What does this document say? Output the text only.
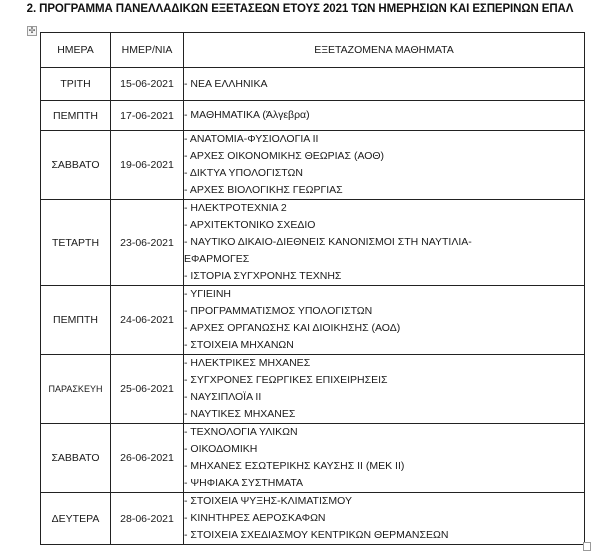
2. ΠΡΟΓΡΑΜΜΑ ΠΑΝΕΛΛΑΔΙΚΩΝ ΕΞΕΤΑΣΕΩΝ ΕΤΟΥΣ 2021 ΤΩΝ ΗΜΕΡΗΣΙΩΝ ΚΑΙ ΕΣΠΕΡΙΝΩΝ ΕΠΑΛ
✣
ΗΜΕΡΑ	ΗΜΕΡ/ΝΙΑ	ΕΞΕΤΑΖΟΜΕΝΑ ΜΑΘΗΜΑΤΑ
ΤΡΙΤΗ	15-06-2021	- ΝΕΑ ΕΛΛΗΝΙΚΑ

ΠΕΜΠΤΗ	17-06-2021	- ΜΑΘΗΜΑΤΙΚΑ (Άλγεβρα)

ΣΑΒΒΑΤΟ	19-06-2021	- ΑΝΑΤΟΜΙΑ-ΦΥΣΙΟΛΟΓΙΑ ΙΙ
- ΑΡΧΕΣ ΟΙΚΟΝΟΜΙΚΗΣ ΘΕΩΡΙΑΣ (ΑΟΘ)
- ΔΙΚΤΥΑ ΥΠΟΛΟΓΙΣΤΩΝ
- ΑΡΧΕΣ ΒΙΟΛΟΓΙΚΗΣ ΓΕΩΡΓΙΑΣ

ΤΕΤΑΡΤΗ	23-06-2021	- ΗΛΕΚΤΡΟΤΕΧΝΙΑ 2
- ΑΡΧΙΤΕΚΤΟΝΙΚΟ ΣΧΕΔΙΟ
- ΝΑΥΤΙΚΟ ΔΙΚΑΙΟ-ΔΙΕΘΝΕΙΣ ΚΑΝΟΝΙΣΜΟΙ ΣΤΗ ΝΑΥΤΙΛΙΑ-
ΕΦΑΡΜΟΓΕΣ
- ΙΣΤΟΡΙΑ ΣΥΓΧΡΟΝΗΣ ΤΕΧΝΗΣ

ΠΕΜΠΤΗ	24-06-2021	- ΥΓΙΕΙΝΗ
- ΠΡΟΓΡΑΜΜΑΤΙΣΜΟΣ ΥΠΟΛΟΓΙΣΤΩΝ
- ΑΡΧΕΣ ΟΡΓΑΝΩΣΗΣ ΚΑΙ ΔΙΟΙΚΗΣΗΣ (ΑΟΔ)
- ΣΤΟΙΧΕΙΑ ΜΗΧΑΝΩΝ

ΠΑΡΑΣΚΕΥΗ	25-06-2021	- ΗΛΕΚΤΡΙΚΕΣ ΜΗΧΑΝΕΣ
- ΣΥΓΧΡΟΝΕΣ ΓΕΩΡΓΙΚΕΣ ΕΠΙΧΕΙΡΗΣΕΙΣ
- ΝΑΥΣΙΠΛΟΪΑ ΙΙ
- ΝΑΥΤΙΚΕΣ ΜΗΧΑΝΕΣ

ΣΑΒΒΑΤΟ	26-06-2021	- ΤΕΧΝΟΛΟΓΙΑ ΥΛΙΚΩΝ
- ΟΙΚΟΔΟΜΙΚΗ
- ΜΗΧΑΝΕΣ ΕΣΩΤΕΡΙΚΗΣ ΚΑΥΣΗΣ ΙΙ (ΜΕΚ ΙΙ)
- ΨΗΦΙΑΚΑ ΣΥΣΤΗΜΑΤΑ

ΔΕΥΤΕΡΑ	28-06-2021	- ΣΤΟΙΧΕΙΑ ΨΥΞΗΣ-ΚΛΙΜΑΤΙΣΜΟΥ
- ΚΙΝΗΤΗΡΕΣ ΑΕΡΟΣΚΑΦΩΝ
- ΣΤΟΙΧΕΙΑ ΣΧΕΔΙΑΣΜΟΥ ΚΕΝΤΡΙΚΩΝ ΘΕΡΜΑΝΣΕΩΝ
